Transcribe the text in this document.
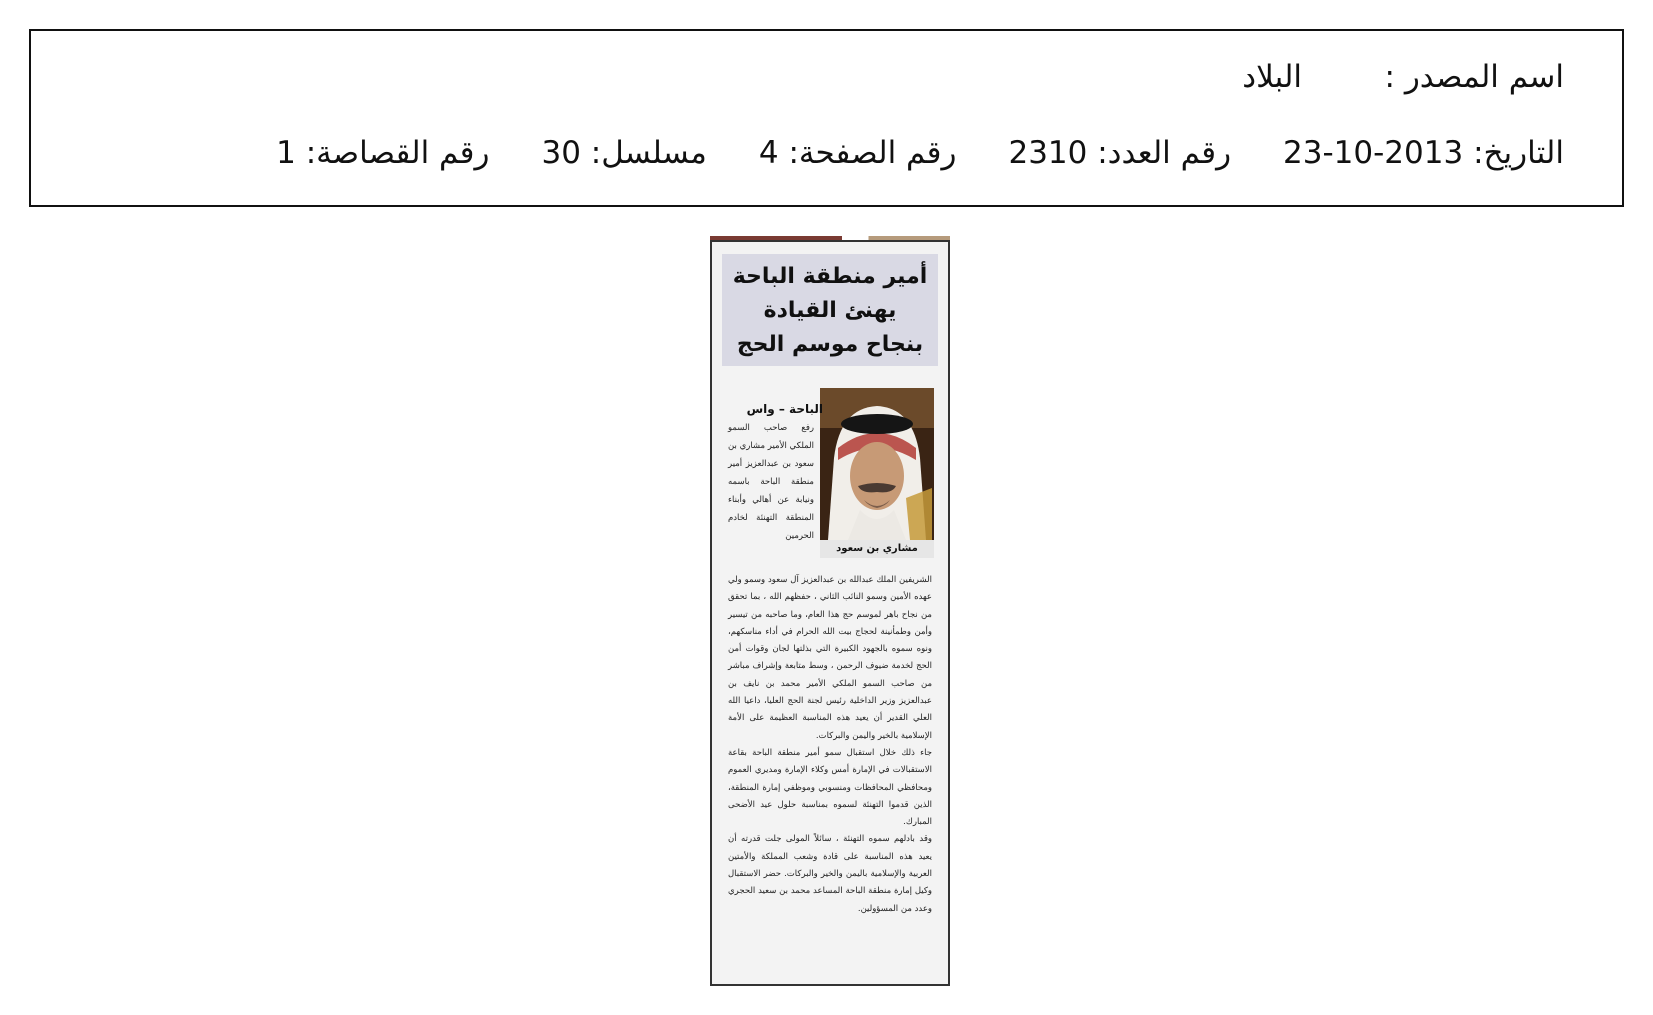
اسم المصدر :البلاد
التاريخ: 23-10-2013رقم العدد: 2310رقم الصفحة: 4مسلسل: 30رقم القصاصة: 1
أمير منطقة الباحة
يهنئ القيادة
بنجاح موسم الحج
مشاري بن سعود
الباحة – واس
رفع صاحب السمو الملكي الأمير مشاري بن سعود بن عبدالعزيز أمير منطقة الباحة باسمه ونيابة عن أهالي وأبناء المنطقة التهنئة لخادم الحرمين

الشريفين الملك عبدالله بن عبدالعزيز آل سعود وسمو ولي عهده الأمين وسمو النائب الثاني ، حفظهم الله ، بما تحقق من نجاح باهر لموسم حج هذا العام، وما صاحبه من تيسير وأمن وطمأنينة لحجاج بيت الله الحرام في أداء مناسكهم، ونوه سموه بالجهود الكبيرة التي بذلتها لجان وقوات أمن الحج لخدمة ضيوف الرحمن ، وسط متابعة وإشراف مباشر من صاحب السمو الملكي الأمير محمد بن نايف بن عبدالعزيز وزير الداخلية رئيس لجنة الحج العليا، داعيا الله العلي القدير أن يعيد هذه المناسبة العظيمة على الأمة الإسلامية بالخير واليمن والبركات.

جاء ذلك خلال استقبال سمو أمير منطقة الباحة بقاعة الاستقبالات في الإمارة أمس وكلاء الإمارة ومديري العموم ومحافظي المحافظات ومنسوبي وموظفي إمارة المنطقة، الذين قدموا التهنئة لسموه بمناسبة حلول عيد الأضحى المبارك.

وقد بادلهم سموه التهنئة ، سائلاً المولى جلت قدرته أن يعيد هذه المناسبة على قادة وشعب المملكة والأمتين العربية والإسلامية باليمن والخير والبركات. حضر الاستقبال وكيل إمارة منطقة الباحة المساعد محمد بن سعيد الحجري وعدد من المسؤولين.
